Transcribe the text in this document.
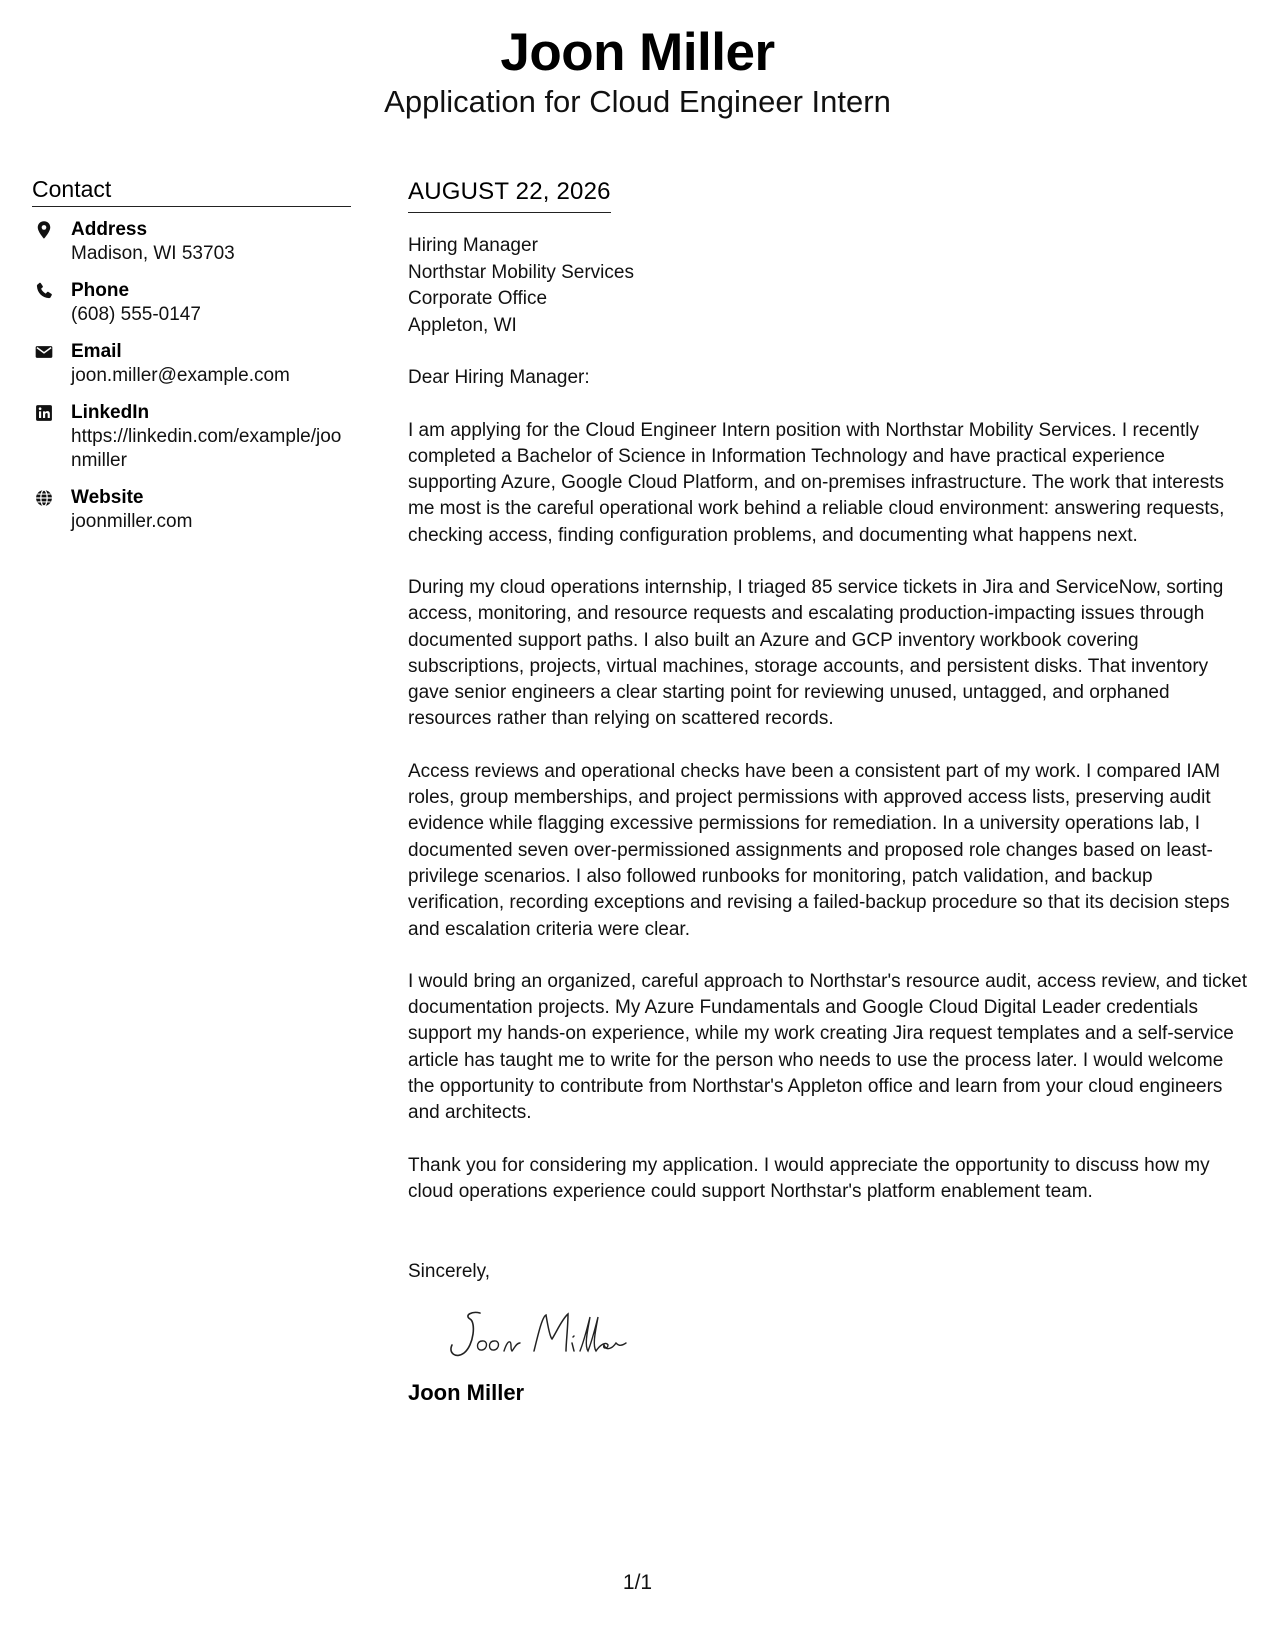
Joon Miller
Application for Cloud Engineer Intern
Contact
Address
Madison, WI 53703
Phone
(608) 555-0147
Email
joon.miller@example.com
LinkedIn
https://linkedin.com/example/joonmiller
Website
joonmiller.com
AUGUST 22, 2026
Hiring Manager
Northstar Mobility Services
Corporate Office
Appleton, WI
Dear Hiring Manager:
I am applying for the Cloud Engineer Intern position with Northstar Mobility Services. I recently completed a Bachelor of Science in Information Technology and have practical experience supporting Azure, Google Cloud Platform, and on-premises infrastructure. The work that interests me most is the careful operational work behind a reliable cloud environment: answering requests, checking access, finding configuration problems, and documenting what happens next.
During my cloud operations internship, I triaged 85 service tickets in Jira and ServiceNow, sorting access, monitoring, and resource requests and escalating production-impacting issues through documented support paths. I also built an Azure and GCP inventory workbook covering subscriptions, projects, virtual machines, storage accounts, and persistent disks. That inventory gave senior engineers a clear starting point for reviewing unused, untagged, and orphaned resources rather than relying on scattered records.
Access reviews and operational checks have been a consistent part of my work. I compared IAM roles, group memberships, and project permissions with approved access lists, preserving audit evidence while flagging excessive permissions for remediation. In a university operations lab, I documented seven over-permissioned assignments and proposed role changes based on least-privilege scenarios. I also followed runbooks for monitoring, patch validation, and backup verification, recording exceptions and revising a failed-backup procedure so that its decision steps and escalation criteria were clear.
I would bring an organized, careful approach to Northstar's resource audit, access review, and ticket documentation projects. My Azure Fundamentals and Google Cloud Digital Leader credentials support my hands-on experience, while my work creating Jira request templates and a self-service article has taught me to write for the person who needs to use the process later. I would welcome the opportunity to contribute from Northstar's Appleton office and learn from your cloud engineers and architects.
Thank you for considering my application. I would appreciate the opportunity to discuss how my cloud operations experience could support Northstar's platform enablement team.
Sincerely,
Joon Miller
1/1
